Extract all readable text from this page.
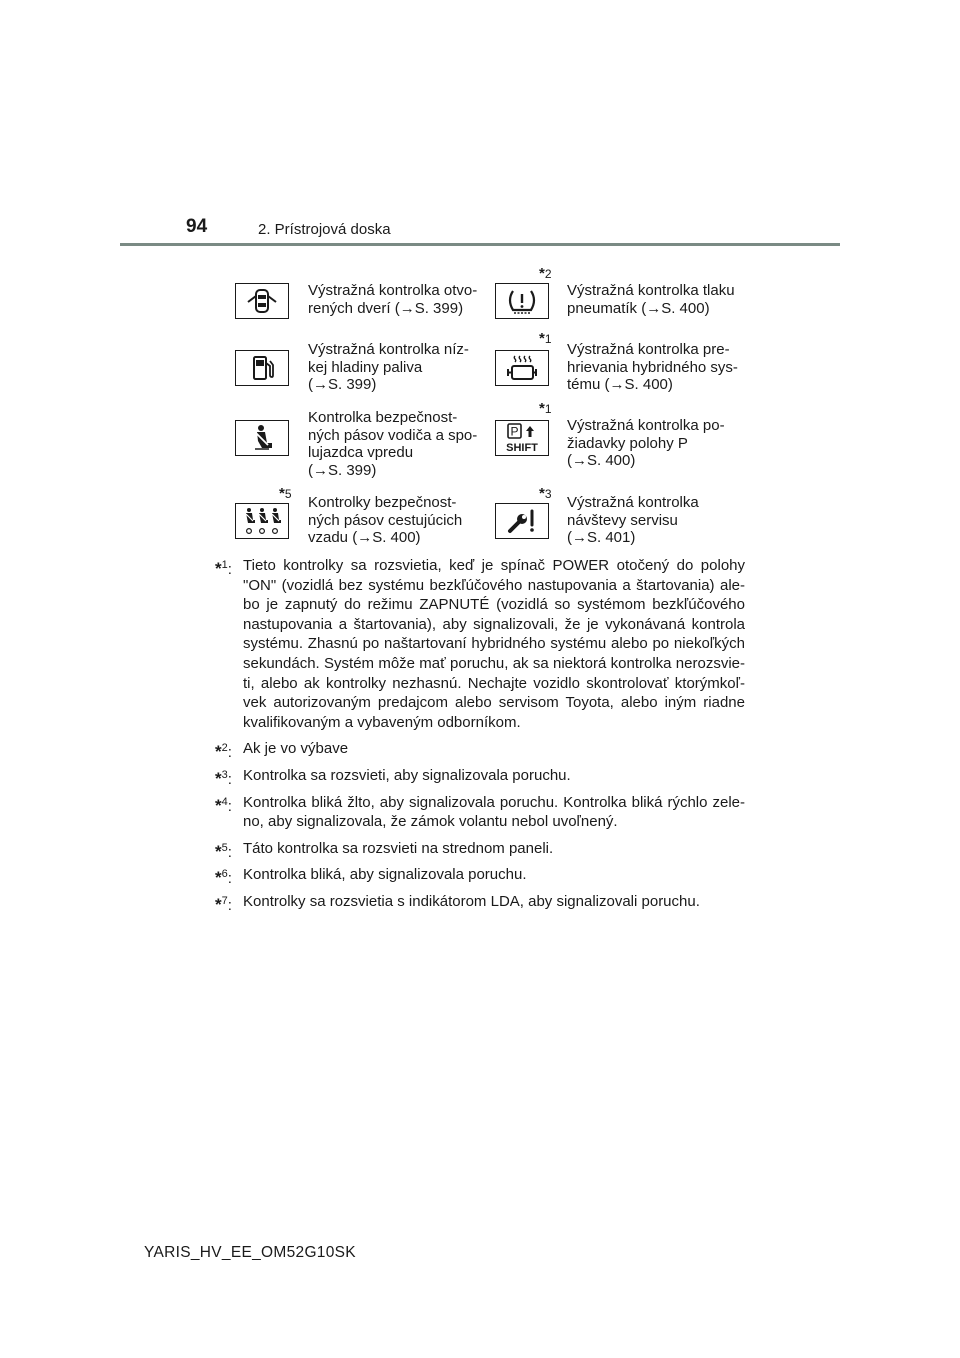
94	2. Prístrojová doska
Výstražná kontrolka otvo-
rených dverí (→S. 399)
*2
Výstražná kontrolka tlaku
pneumatík (→S. 400)
Výstražná kontrolka níz-
kej hladiny paliva
(→S. 399)
*1
Výstražná kontrolka pre-
hrievania hybridného sys-
tému (→S. 400)
Kontrolka bezpečnost-
ných pásov vodiča a spo-
lujazdca vpredu
(→S. 399)
*1
P
SHIFT
Výstražná kontrolka po-
žiadavky polohy P
(→S. 400)
*5 Kontrolky bezpečnost-
ných pásov cestujúcich
vzadu (→S. 400)
*3 Výstražná kontrolka
návštevy servisu
(→S. 401)
*$^1$: Tieto kontrolky sa rozsvietia, keď je spínač POWER otočený do polohy "ON" (vozidlá bez systému bezkľúčového nastupovania a štartovania) ale-bo je zapnutý do režimu ZAPNUTÉ (vozidlá so systémom bezkľúčového nastupovania a štartovania), aby signalizovali, že je vykonávaná kontrola systému. Zhasnú po naštartovaní hybridného systému alebo po niekoľkých sekundách. Systém môže mať poruchu, ak sa niektorá kontrolka nerozsvie-ti, alebo ak kontrolky nezhasnú. Nechajte vozidlo skontrolovať ktorýmkoľ-vek autorizovaným predajcom alebo servisom Toyota, alebo iným riadne kvalifikovaným a vybaveným odborníkom.
*$^2$: Ak je vo výbave
*$^3$: Kontrolka sa rozsvieti, aby signalizovala poruchu.
*$^4$: Kontrolka bliká žlto, aby signalizovala poruchu. Kontrolka bliká rýchlo zele-no, aby signalizovala, že zámok volantu nebol uvoľnený.
*$^5$: Táto kontrolka sa rozsvieti na strednom paneli.
*$^6$: Kontrolka bliká, aby signalizovala poruchu.
*$^7$: Kontrolky sa rozsvietia s indikátorom LDA, aby signalizovali poruchu.
YARIS_HV_EE_OM52G10SK
